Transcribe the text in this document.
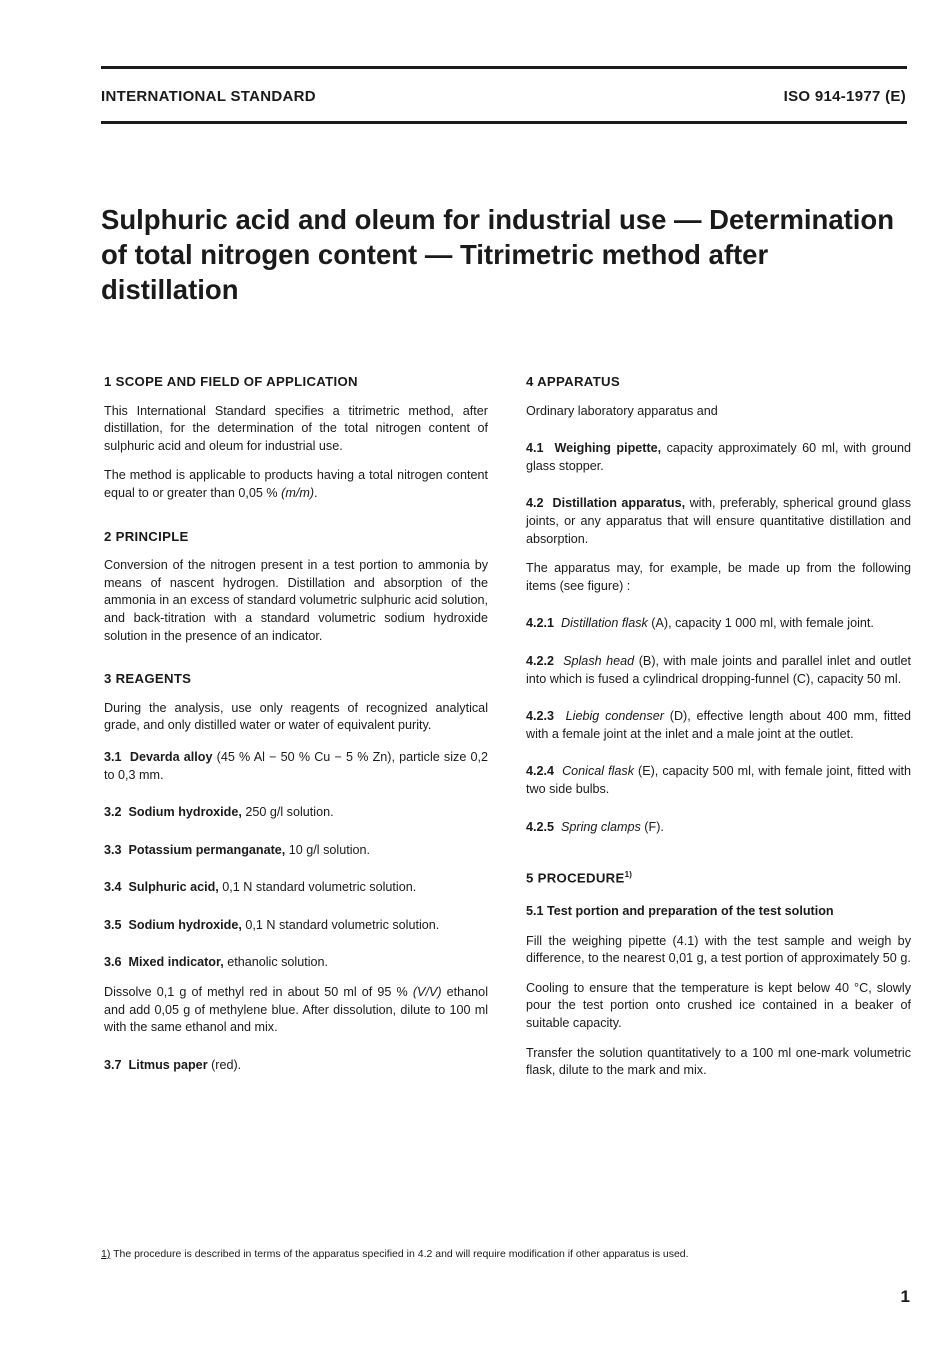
INTERNATIONAL STANDARD	ISO 914-1977 (E)
Sulphuric acid and oleum for industrial use — Determination of total nitrogen content — Titrimetric method after distillation

1 SCOPE AND FIELD OF APPLICATION

This International Standard specifies a titrimetric method, after distillation, for the determination of the total nitrogen content of sulphuric acid and oleum for industrial use.

The method is applicable to products having a total nitrogen content equal to or greater than 0,05 % (m/m).

2 PRINCIPLE

Conversion of the nitrogen present in a test portion to ammonia by means of nascent hydrogen. Distillation and absorption of the ammonia in an excess of standard volumetric sulphuric acid solution, and back-titration with a standard volumetric sodium hydroxide solution in the presence of an indicator.

3 REAGENTS

During the analysis, use only reagents of recognized analytical grade, and only distilled water or water of equivalent purity.

3.1 Devarda alloy (45 % Al − 50 % Cu − 5 % Zn), particle size 0,2 to 0,3 mm.

3.2 Sodium hydroxide, 250 g/l solution.

3.3 Potassium permanganate, 10 g/l solution.

3.4 Sulphuric acid, 0,1 N standard volumetric solution.

3.5 Sodium hydroxide, 0,1 N standard volumetric solution.

3.6 Mixed indicator, ethanolic solution.

Dissolve 0,1 g of methyl red in about 50 ml of 95 % (V/V) ethanol and add 0,05 g of methylene blue. After dissolution, dilute to 100 ml with the same ethanol and mix.

3.7 Litmus paper (red).

4 APPARATUS

Ordinary laboratory apparatus and

4.1 Weighing pipette, capacity approximately 60 ml, with ground glass stopper.

4.2 Distillation apparatus, with, preferably, spherical ground glass joints, or any apparatus that will ensure quantitative distillation and absorption.

The apparatus may, for example, be made up from the following items (see figure) :

4.2.1 Distillation flask (A), capacity 1 000 ml, with female joint.

4.2.2 Splash head (B), with male joints and parallel inlet and outlet into which is fused a cylindrical dropping-funnel (C), capacity 50 ml.

4.2.3 Liebig condenser (D), effective length about 400 mm, fitted with a female joint at the inlet and a male joint at the outlet.

4.2.4 Conical flask (E), capacity 500 ml, with female joint, fitted with two side bulbs.

4.2.5 Spring clamps (F).

5 PROCEDURE$^{1)}$

5.1 Test portion and preparation of the test solution

Fill the weighing pipette (4.1) with the test sample and weigh by difference, to the nearest 0,01 g, a test portion of approximately 50 g.

Cooling to ensure that the temperature is kept below 40 °C, slowly pour the test portion onto crushed ice contained in a beaker of suitable capacity.

Transfer the solution quantitatively to a 100 ml one-mark volumetric flask, dilute to the mark and mix.

1) The procedure is described in terms of the apparatus specified in 4.2 and will require modification if other apparatus is used.
1
